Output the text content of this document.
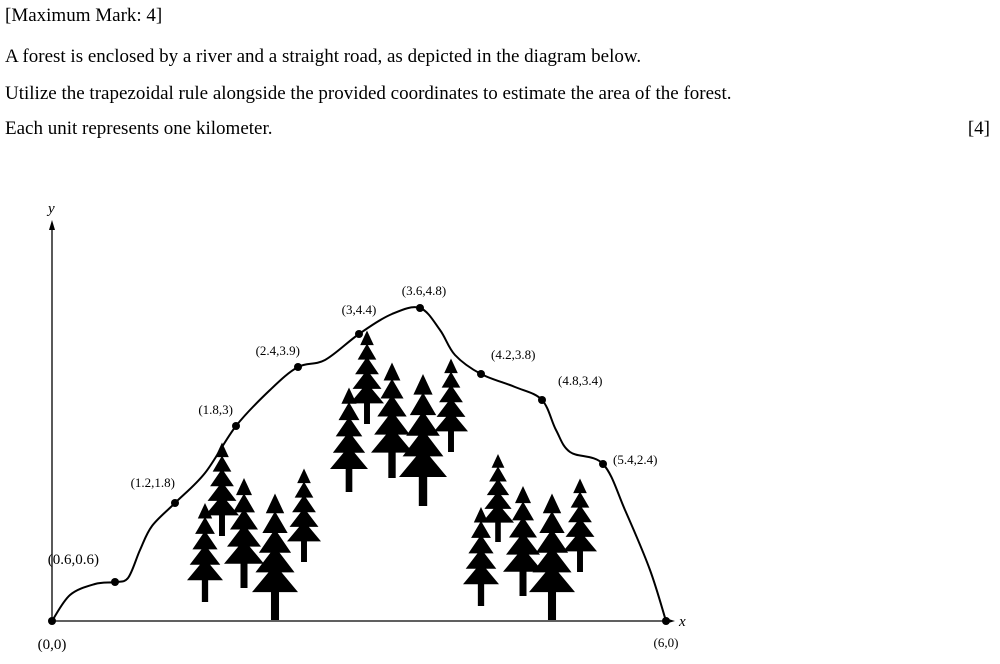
[Maximum Mark: 4]
A forest is enclosed by a river and a straight road, as depicted in the diagram below.
Utilize the trapezoidal rule alongside the provided coordinates to estimate the area of the forest.
Each unit represents one kilometer.	[4]
y
x
(0,0)
(0.6,0.6)
(1.2,1.8)
(1.8,3)
(2.4,3.9)
(3,4.4)
(3.6,4.8)
(4.2,3.8)
(4.8,3.4)
(5.4,2.4)
(6,0)
